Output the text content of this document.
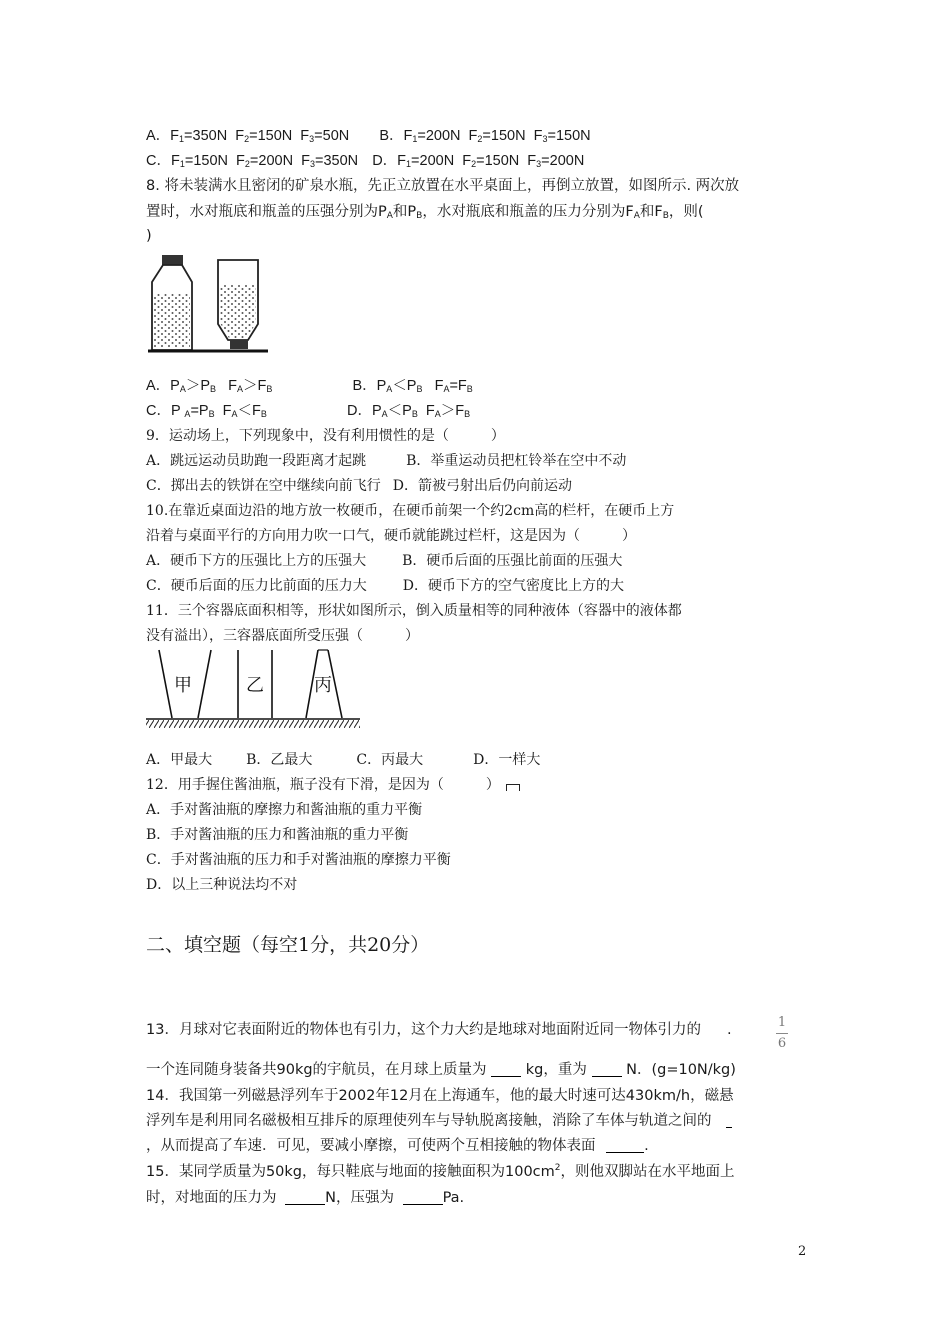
A．$F_1=350N$  $F_2=150N$  $F_3=50N$ B．$F_1=200N$  $F_2=150N$  $F_3=150N$
C．$F_1=150N$  $F_2=200N$  $F_3=350N$ D．$F_1=200N$  $F_2=150N$  $F_3=200N$
8. 将未装满水且密闭的矿泉水瓶，先正立放置在水平桌面上，再倒立放置，如图所示. 两次放
置时，水对瓶底和瓶盖的压强分别为$P_A$和$P_B$，水对瓶底和瓶盖的压力分别为$F_A$和$F_B$，则(
)
A．$P_A>P_B$   $F_A>F_B$	B．$P_A<P_B$   $F_A=F_B$
C．P $_A=P_B$  $F_A<F_B$	D．$P_A<P_B$  $F_A>F_B$
9．运动场上，下列现象中，没有利用惯性的是（　　　）
A．跳远运动员助跑一段距离才起跳	B．举重运动员把杠铃举在空中不动
C．掷出去的铁饼在空中继续向前飞行 D．箭被弓射出后仍向前运动
10.在靠近桌面边沿的地方放一枚硬币，在硬币前架一个约2cm高的栏杆，在硬币上方
沿着与桌面平行的方向用力吹一口气，硬币就能跳过栏杆，这是因为（　　　）
A．硬币下方的压强比上方的压强大	B．硬币后面的压强比前面的压强大
C．硬币后面的压力比前面的压力大	D．硬币下方的空气密度比上方的大
11．三个容器底面积相等，形状如图所示，倒入质量相等的同种液体（容器中的液体都
没有溢出），三容器底面所受压强（　　　）
甲	乙	丙
A．甲最大 B．乙最大	C．丙最大	D．一样大
12．用手握住酱油瓶，瓶子没有下滑，是因为（　　　）
A．手对酱油瓶的摩擦力和酱油瓶的重力平衡
B．手对酱油瓶的压力和酱油瓶的重力平衡
C．手对酱油瓶的压力和手对酱油瓶的摩擦力平衡
D．以上三种说法均不对
二、填空题（每空1分，共20分）
13．月球对它表面附近的物体也有引力，这个力大约是地球对地面附近同一物体引力的 .	1
6
一个连同随身装备共90kg的宇航员，在月球上质量为	kg，重为	N．(g=10N/kg)
14．我国第一列磁悬浮列车于2002年12月在上海通车，他的最大时速可达430km/h，磁悬
浮列车是利用同名磁极相互排斥的原理使列车与导轨脱离接触，消除了车体与轨道之间的
，从而提高了车速．可见，要减小摩擦，可使两个互相接触的物体表面	.
15．某同学质量为50kg，每只鞋底与地面的接触面积为$100cm^2$，则他双脚站在水平地面上
时，对地面的压力为	N，压强为	Pa.
2
